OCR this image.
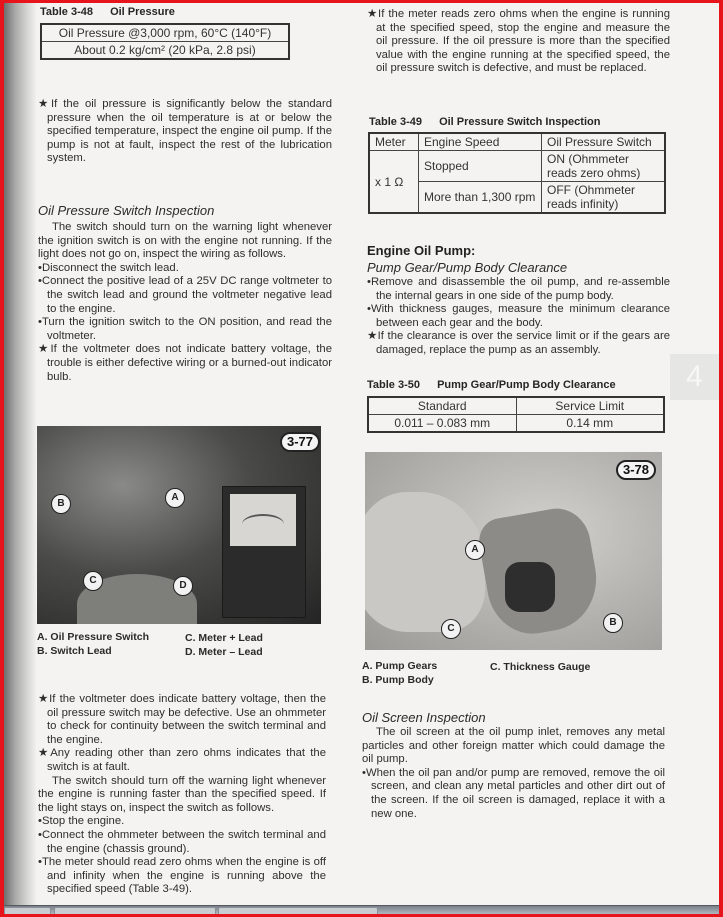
Table 3-48 Oil Pressure
Oil Pressure @3,000 rpm, 60°C (140°F)
About 0.2 kg/cm² (20 kPa, 2.8 psi)

★If the oil pressure is significantly below the standard pressure when the oil temperature is at or below the specified temperature, inspect the engine oil pump. If the pump is not at fault, inspect the rest of the lubrication system.

Oil Pressure Switch Inspection

The switch should turn on the warning light whenever the ignition switch is on with the engine not running. If the light does not go on, inspect the wiring as follows.

•Disconnect the switch lead.

•Connect the positive lead of a 25V DC range voltmeter to the switch lead and ground the voltmeter negative lead to the engine.

•Turn the ignition switch to the ON position, and read the voltmeter.

★If the voltmeter does not indicate battery voltage, the trouble is either defective wiring or a burned-out indicator bulb.

3-77
A
B
C	D
A. Oil Pressure Switch
B. Switch Lead
C. Meter + Lead
D. Meter – Lead

★If the voltmeter does indicate battery voltage, then the oil pressure switch may be defective. Use an ohmmeter to check for continuity between the switch terminal and the engine.

★Any reading other than zero ohms indicates that the switch is at fault.

The switch should turn off the warning light whenever the engine is running faster than the specified speed. If the light stays on, inspect the switch as follows.

•Stop the engine.

•Connect the ohmmeter between the switch terminal and the engine (chassis ground).

•The meter should read zero ohms when the engine is off and infinity when the engine is running above the specified speed (Table 3-49).

★If the meter reads zero ohms when the engine is running at the specified speed, stop the engine and measure the oil pressure. If the oil pressure is more than the specified value with the engine running at the specified speed, the oil pressure switch is defective, and must be replaced.

Table 3-49 Oil Pressure Switch Inspection
Meter	Engine Speed	Oil Pressure Switch
x 1 Ω	Stopped	ON (Ohmmeter reads zero ohms)
	More than 1,300 rpm	OFF (Ohmmeter reads infinity)
Engine Oil Pump:
Pump Gear/Pump Body Clearance

•Remove and disassemble the oil pump, and re-assemble the internal gears in one side of the pump body.

•With thickness gauges, measure the minimum clearance between each gear and the body.

★If the clearance is over the service limit or if the gears are damaged, replace the pump as an assembly.

4
Table 3-50 Pump Gear/Pump Body Clearance
Standard	Service Limit
0.011 – 0.083 mm	0.14 mm
3-78
A
B
C
A. Pump Gears
B. Pump Body
C. Thickness Gauge
Oil Screen Inspection

The oil screen at the oil pump inlet, removes any metal particles and other foreign matter which could damage the oil pump.

•When the oil pan and/or pump are removed, remove the oil screen, and clean any metal particles and other dirt out of the screen. If the oil screen is damaged, replace it with a new one.
